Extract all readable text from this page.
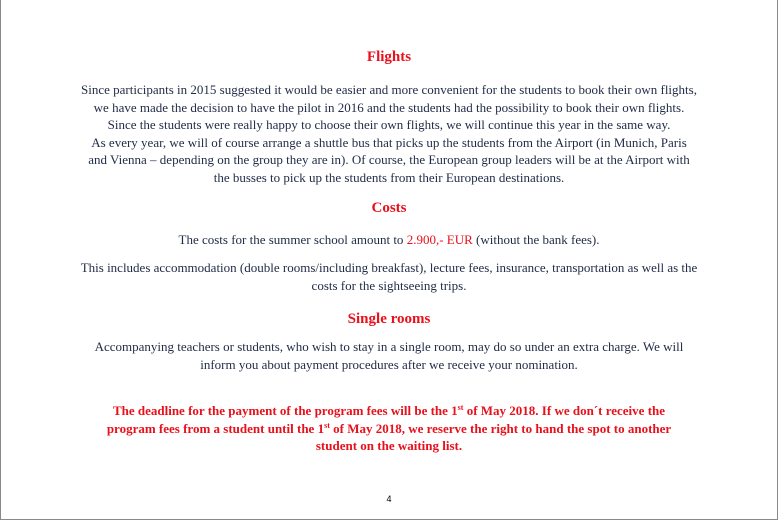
Flights

Since participants in 2015 suggested it would be easier and more convenient for the students to book their own flights,

we have made the decision to have the pilot in 2016 and the students had the possibility to book their own flights.

Since the students were really happy to choose their own flights, we will continue this year in the same way.

As every year, we will of course arrange a shuttle bus that picks up the students from the Airport (in Munich, Paris

and Vienna – depending on the group they are in). Of course, the European group leaders will be at the Airport with

the busses to pick up the students from their European destinations.

Costs

The costs for the summer school amount to 2.900,- EUR (without the bank fees).

This includes accommodation (double rooms/including breakfast), lecture fees, insurance, transportation as well as the

costs for the sightseeing trips.

Single rooms

Accompanying teachers or students, who wish to stay in a single room, may do so under an extra charge. We will

inform you about payment procedures after we receive your nomination.

The deadline for the payment of the program fees will be the 1st of May 2018. If we don´t receive the
program fees from a student until the 1st of May 2018, we reserve the right to hand the spot to another
student on the waiting list.
4
